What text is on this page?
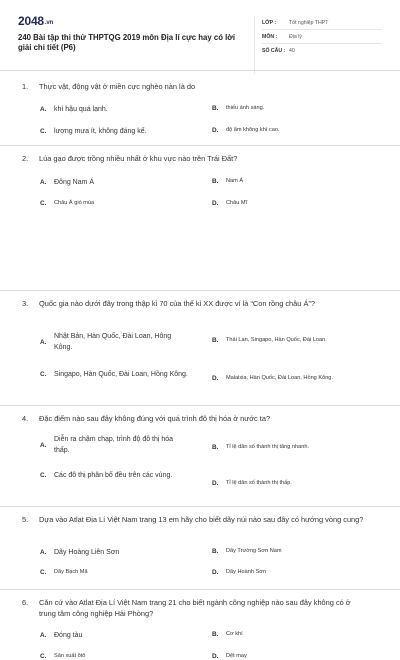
2048.vn
240 Bài tập thi thử THPTQG 2019 môn Địa lí cực hay có lời giải chi tiết (P6)
LỚP :	Tốt nghiệp THPT
MÔN :	Địa lý
SỐ CÂU : 40
1. Thực vật, động vật ở miền cực nghèo nàn là do
A.	khí hậu quá lạnh.	B.	thiếu ánh sáng.
C.	lượng mưa ít, không đáng kể.	D.	độ ẩm không khí cao.
2. Lúa gạo được trồng nhiều nhất ở khu vực nào trên Trái Đất?
A.	Đông Nam Á	B.	Nam Á
C.	Châu Á gió mùa	D.	Châu Mĩ
3. Quốc gia nào dưới đây trong thập kỉ 70 của thế kỉ XX được ví là “Con rồng châu Á”?
A.
Nhật Bản, Hàn Quốc, Đài Loan, Hông Kông.
B.	Thái Lan, Singapo, Hàn Quốc, Đài Loan.
C.	Singapo, Hàn Quốc, Đài Loan, Hồng Kông.	D.	Malaixia, Hàn Quốc, Đài Loan, Hồng Kông.
4. Đặc điểm nào sau đây không đúng với quá trình đô thị hóa ở nước ta?
A.
Diễn ra chậm chạp, trình độ đô thị hóa thấp.	B.	Tỉ lệ dân số thành thị tăng nhanh.
C.	Các đô thị phân bố đều trên các vùng.
D.	Tỉ lệ dân số thành thị thấp.
5. Dựa vào Atlat Địa Lí Việt Nam trang 13 em hãy cho biết dãy núi nào sau đây có hướng vòng cung?
A.	Dãy Hoàng Liên Sơn	B.	Dãy Trường Sơn Nam
C.	Dãy Bạch Mã	D.	Dãy Hoành Sơn
6. Căn cứ vào Atlat Địa Lí Việt Nam trang 21 cho biết ngành công nghiệp nào sau đây không có ở trung tâm công nghiệp Hải Phòng?
A.	Đóng tàu	B.	Cơ khí
C.	Sản xuất ôtô	D.	Dệt may
